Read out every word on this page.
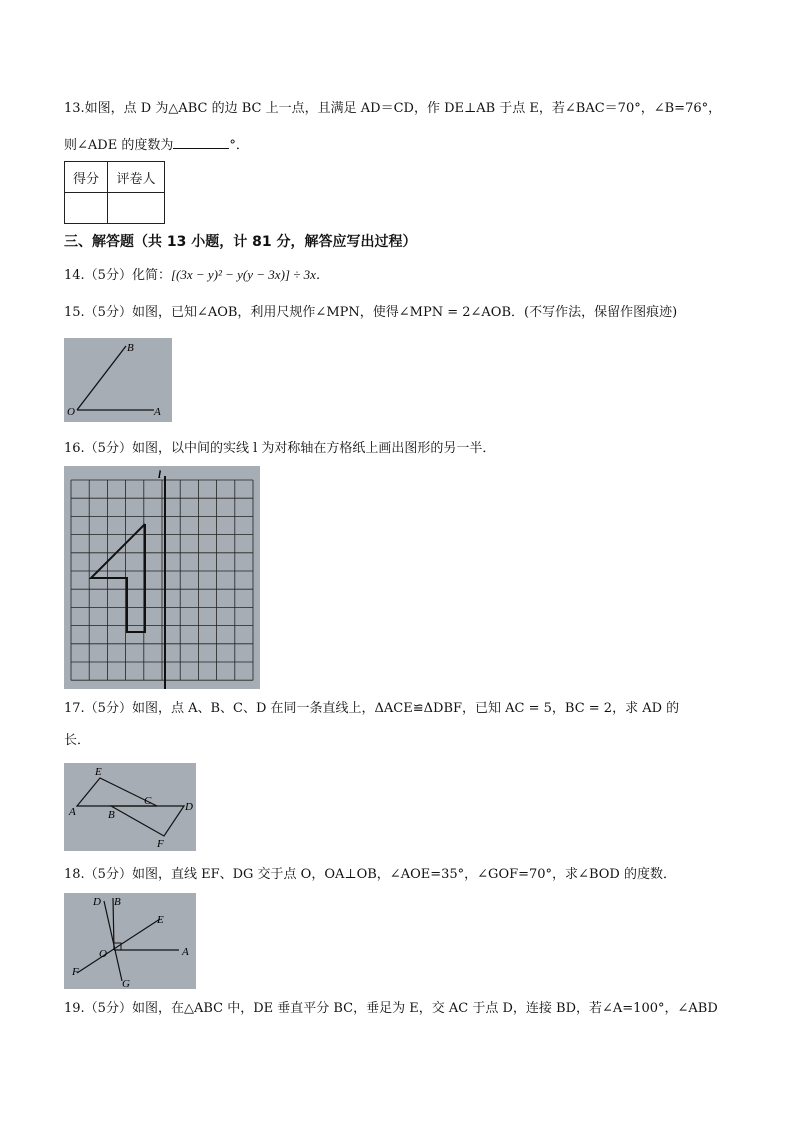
13.如图，点 D 为△ABC 的边 BC 上一点，且满足 AD＝CD，作 DE⊥AB 于点 E，若∠BAC＝70°，∠B=76°，
则∠ADE 的度数为	°．
得分	评卷人

三、解答题（共 13 小题，计 81 分，解答应写出过程）
14.（5分）化简：[(3x − y)² − y(y − 3x)] ÷ 3x．
15.（5分）如图，已知∠AOB，利用尺规作∠MPN，使得∠MPN = 2∠AOB．(不写作法，保留作图痕迹)
B
O	A
16.（5分）如图，以中间的实线 l 为对称轴在方格纸上画出图形的另一半．
l
17.（5分）如图，点 A、B、C、D 在同一条直线上，ΔACE≌ΔDBF，已知 AC = 5，BC = 2，求 AD 的
长．
E
A	B
C	D
F
18.（5分）如图，直线 EF、DG 交于点 O，OA⊥OB，∠AOE=35°，∠GOF=70°，求∠BOD 的度数．
D B
E
O	A
F
G
19.（5分）如图，在△ABC 中，DE 垂直平分 BC，垂足为 E，交 AC 于点 D，连接 BD，若∠A=100°，∠ABD
